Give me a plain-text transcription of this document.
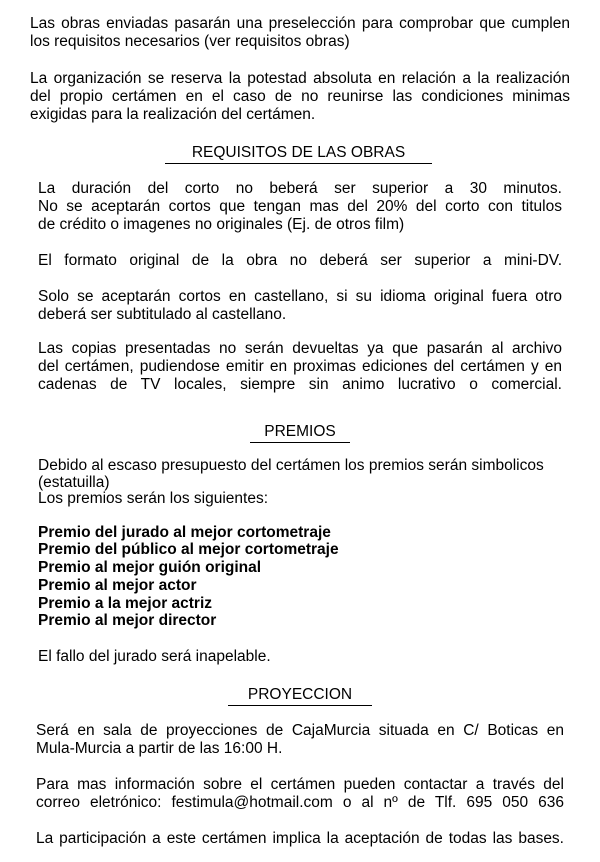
Las obras enviadas pasarán una preselección para comprobar que cumplen

los requisitos necesarios (ver requisitos obras)

La organización se reserva la potestad absoluta en relación a la realización

del propio certámen en el caso de no reunirse las condiciones minimas

exigidas para la realización del certámen.

REQUISITOS DE LAS OBRAS

La duración del corto no beberá ser superior a 30 minutos.

No se aceptarán cortos que tengan mas del 20% del corto con titulos

de crédito o imagenes no originales (Ej. de otros film)

El formato original de la obra no deberá ser superior a mini-DV.

Solo se aceptarán cortos en castellano, si su idioma original fuera otro

deberá ser subtitulado al castellano.

Las copias presentadas no serán devueltas ya que pasarán al archivo

del certámen, pudiendose emitir en proximas ediciones del certámen y en

cadenas de TV locales, siempre sin animo lucrativo o comercial.

PREMIOS

Debido al escaso presupuesto del certámen los premios serán simbolicos

(estatuilla)

Los premios serán los siguientes:

Premio del jurado al mejor cortometraje

Premio del público al mejor cortometraje

Premio al mejor guión original

Premio al mejor actor

Premio a la mejor actriz

Premio al mejor director

El fallo del jurado será inapelable.

PROYECCION

Será en sala de proyecciones de CajaMurcia situada en C/ Boticas en

Mula-Murcia a partir de las 16:00 H.

Para mas información sobre el certámen pueden contactar a través del

correo eletrónico: festimula@hotmail.com o al nº de Tlf. 695 050 636

La participación a este certámen implica la aceptación de todas las bases.
